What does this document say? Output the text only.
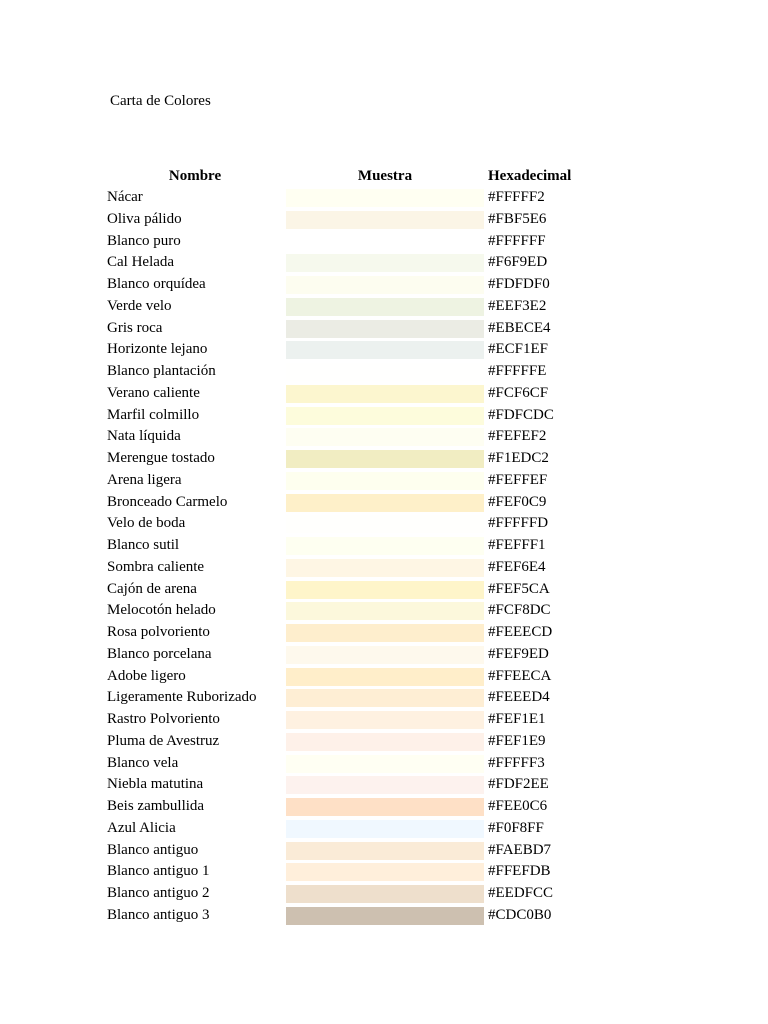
Carta de Colores
Nombre	Muestra	Hexadecimal
Nácar	#FFFFF2
Oliva pálido	#FBF5E6
Blanco puro	#FFFFFF
Cal Helada	#F6F9ED
Blanco orquídea	#FDFDF0
Verde velo	#EEF3E2
Gris roca	#EBECE4
Horizonte lejano	#ECF1EF
Blanco plantación	#FFFFFE
Verano caliente	#FCF6CF
Marfil colmillo	#FDFCDC
Nata líquida	#FEFEF2
Merengue tostado	#F1EDC2
Arena ligera	#FEFFEF
Bronceado Carmelo	#FEF0C9
Velo de boda	#FFFFFD
Blanco sutil	#FEFFF1
Sombra caliente	#FEF6E4
Cajón de arena	#FEF5CA
Melocotón helado	#FCF8DC
Rosa polvoriento	#FEEECD
Blanco porcelana	#FEF9ED
Adobe ligero	#FFEECA
Ligeramente Ruborizado	#FEEED4
Rastro Polvoriento	#FEF1E1
Pluma de Avestruz	#FEF1E9
Blanco vela	#FFFFF3
Niebla matutina	#FDF2EE
Beis zambullida	#FEE0C6
Azul Alicia	#F0F8FF
Blanco antiguo	#FAEBD7
Blanco antiguo 1	#FFEFDB
Blanco antiguo 2	#EEDFCC
Blanco antiguo 3	#CDC0B0
